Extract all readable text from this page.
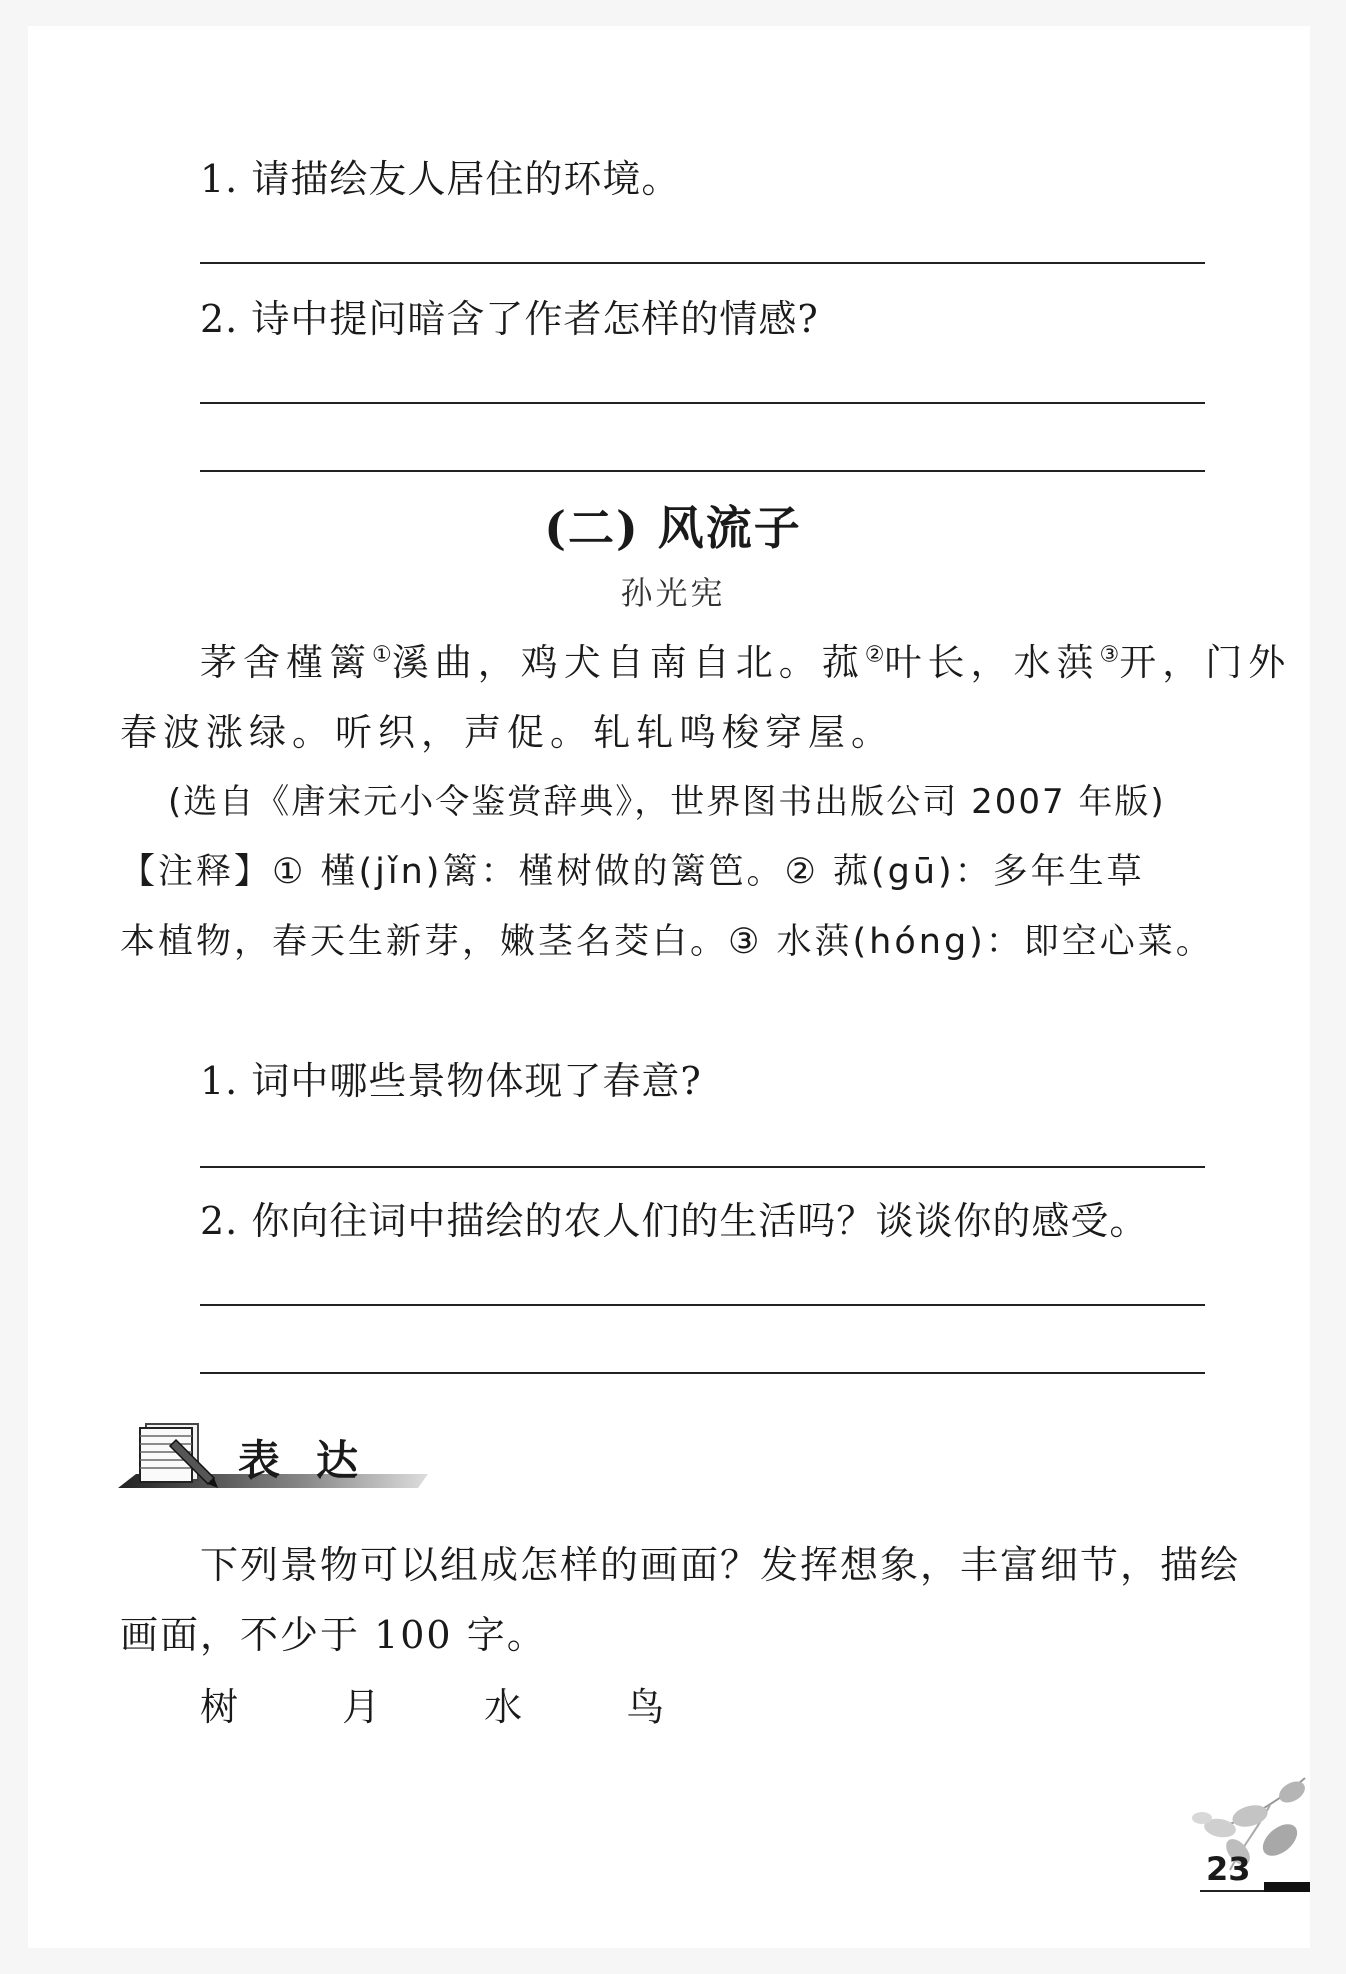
1. 请描绘友人居住的环境。
2. 诗中提问暗含了作者怎样的情感?
(二) 风流子
孙光宪
茅舍槿篱①溪曲，鸡犬自南自北。菰②叶长，水葓③开，门外
春波涨绿。听织，声促。轧轧鸣梭穿屋。
(选自《唐宋元小令鉴赏辞典》，世界图书出版公司 2007 年版)
【注释】① 槿(jǐn)篱：槿树做的篱笆。② 菰(gū)：多年生草
本植物，春天生新芽，嫩茎名茭白。③ 水葓(hóng)：即空心菜。
1. 词中哪些景物体现了春意?
2. 你向往词中描绘的农人们的生活吗？谈谈你的感受。
表达
下列景物可以组成怎样的画面？发挥想象，丰富细节，描绘
画面，不少于 100 字。
树 月 水 鸟
23
